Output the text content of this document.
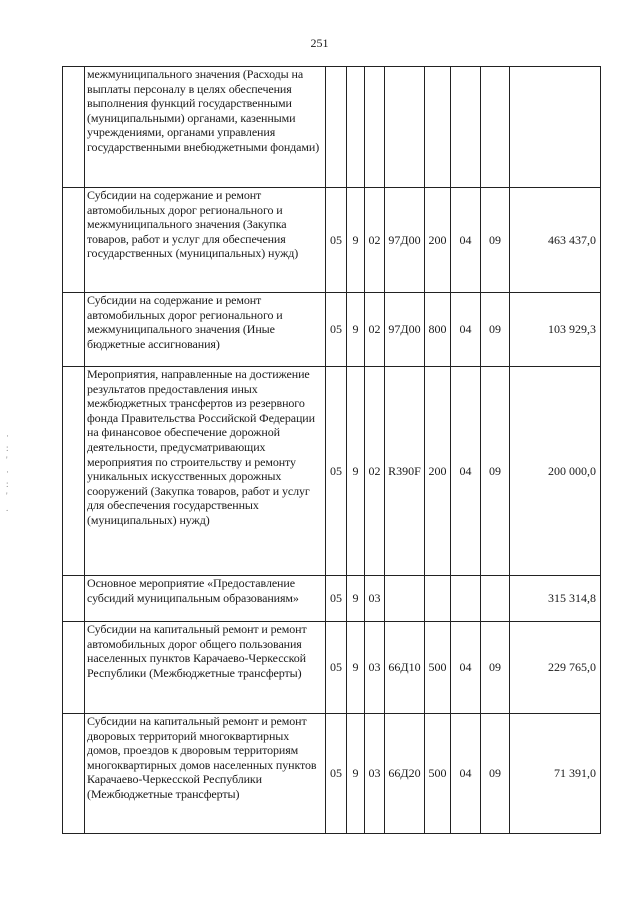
251
·
:
'
·
:
'
.
	межмуниципального значения (Расходы на выплаты персоналу в целях обеспечения выполнения функций государственными (муниципальными) органами, казенными учреждениями, органами управления государственными внебюджетными фондами)								
	Субсидии на содержание и ремонт автомобильных дорог регионального и межмуниципального значения (Закупка товаров, работ и услуг для обеспечения государственных (муниципальных) нужд)	05	9	02	97Д00	200	04	09	463 437,0
	Субсидии на содержание и ремонт автомобильных дорог регионального и межмуниципального значения (Иные бюджетные ассигнования)	05	9	02	97Д00	800	04	09	103 929,3
	Мероприятия, направленные на достижение результатов предоставления иных межбюджетных трансфертов из резервного фонда Правительства Российской Федерации на финансовое обеспечение дорожной деятельности, предусматривающих мероприятия по строительству и ремонту уникальных искусственных дорожных сооружений (Закупка товаров, работ и услуг для обеспечения государственных (муниципальных) нужд)	05	9	02	R390F	200	04	09	200 000,0
	Основное мероприятие «Предоставление субсидий муниципальным образованиям»	05	9	03					315 314,8
	Субсидии на капитальный ремонт и ремонт автомобильных дорог общего пользования населенных пунктов Карачаево-Черкесской Республики (Межбюджетные трансферты)	05	9	03	66Д10	500	04	09	229 765,0
	Субсидии на капитальный ремонт и ремонт дворовых территорий многоквартирных домов, проездов к дворовым территориям многоквартирных домов населенных пунктов Карачаево-Черкесской Республики (Межбюджетные трансферты)	05	9	03	66Д20	500	04	09	71 391,0
